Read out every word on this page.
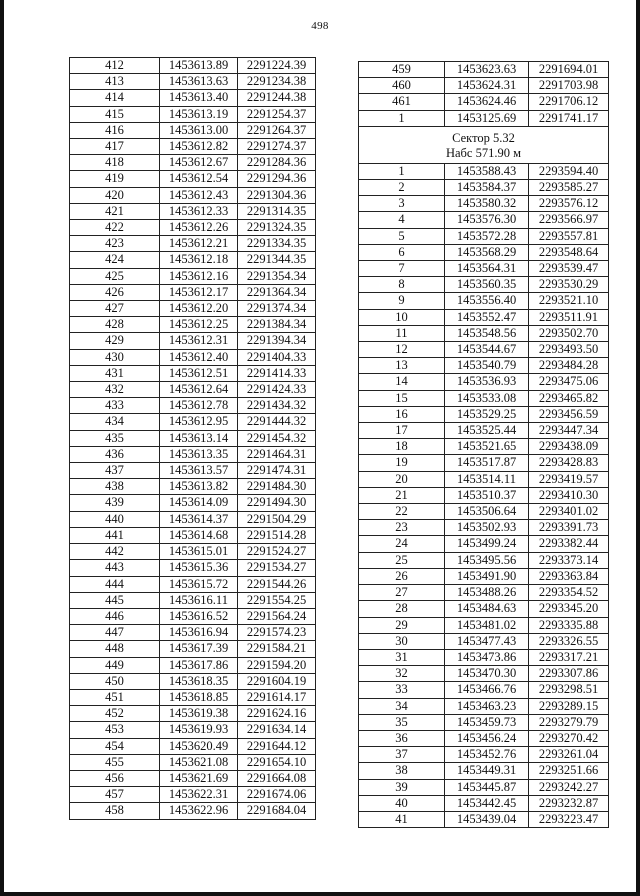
498
412	1453613.89	2291224.39
413	1453613.63	2291234.38
414	1453613.40	2291244.38
415	1453613.19	2291254.37
416	1453613.00	2291264.37
417	1453612.82	2291274.37
418	1453612.67	2291284.36
419	1453612.54	2291294.36
420	1453612.43	2291304.36
421	1453612.33	2291314.35
422	1453612.26	2291324.35
423	1453612.21	2291334.35
424	1453612.18	2291344.35
425	1453612.16	2291354.34
426	1453612.17	2291364.34
427	1453612.20	2291374.34
428	1453612.25	2291384.34
429	1453612.31	2291394.34
430	1453612.40	2291404.33
431	1453612.51	2291414.33
432	1453612.64	2291424.33
433	1453612.78	2291434.32
434	1453612.95	2291444.32
435	1453613.14	2291454.32
436	1453613.35	2291464.31
437	1453613.57	2291474.31
438	1453613.82	2291484.30
439	1453614.09	2291494.30
440	1453614.37	2291504.29
441	1453614.68	2291514.28
442	1453615.01	2291524.27
443	1453615.36	2291534.27
444	1453615.72	2291544.26
445	1453616.11	2291554.25
446	1453616.52	2291564.24
447	1453616.94	2291574.23
448	1453617.39	2291584.21
449	1453617.86	2291594.20
450	1453618.35	2291604.19
451	1453618.85	2291614.17
452	1453619.38	2291624.16
453	1453619.93	2291634.14
454	1453620.49	2291644.12
455	1453621.08	2291654.10
456	1453621.69	2291664.08
457	1453622.31	2291674.06
458	1453622.96	2291684.04
459	1453623.63	2291694.01
460	1453624.31	2291703.98
461	1453624.46	2291706.12
1	1453125.69	2291741.17

Сектор 5.32
Набс 571.90 м		

1	1453588.43	2293594.40
2	1453584.37	2293585.27
3	1453580.32	2293576.12
4	1453576.30	2293566.97
5	1453572.28	2293557.81
6	1453568.29	2293548.64
7	1453564.31	2293539.47
8	1453560.35	2293530.29
9	1453556.40	2293521.10
10	1453552.47	2293511.91
11	1453548.56	2293502.70
12	1453544.67	2293493.50
13	1453540.79	2293484.28
14	1453536.93	2293475.06
15	1453533.08	2293465.82
16	1453529.25	2293456.59
17	1453525.44	2293447.34
18	1453521.65	2293438.09
19	1453517.87	2293428.83
20	1453514.11	2293419.57
21	1453510.37	2293410.30
22	1453506.64	2293401.02
23	1453502.93	2293391.73
24	1453499.24	2293382.44
25	1453495.56	2293373.14
26	1453491.90	2293363.84
27	1453488.26	2293354.52
28	1453484.63	2293345.20
29	1453481.02	2293335.88
30	1453477.43	2293326.55
31	1453473.86	2293317.21
32	1453470.30	2293307.86
33	1453466.76	2293298.51
34	1453463.23	2293289.15
35	1453459.73	2293279.79
36	1453456.24	2293270.42
37	1453452.76	2293261.04
38	1453449.31	2293251.66
39	1453445.87	2293242.27
40	1453442.45	2293232.87
41	1453439.04	2293223.47
